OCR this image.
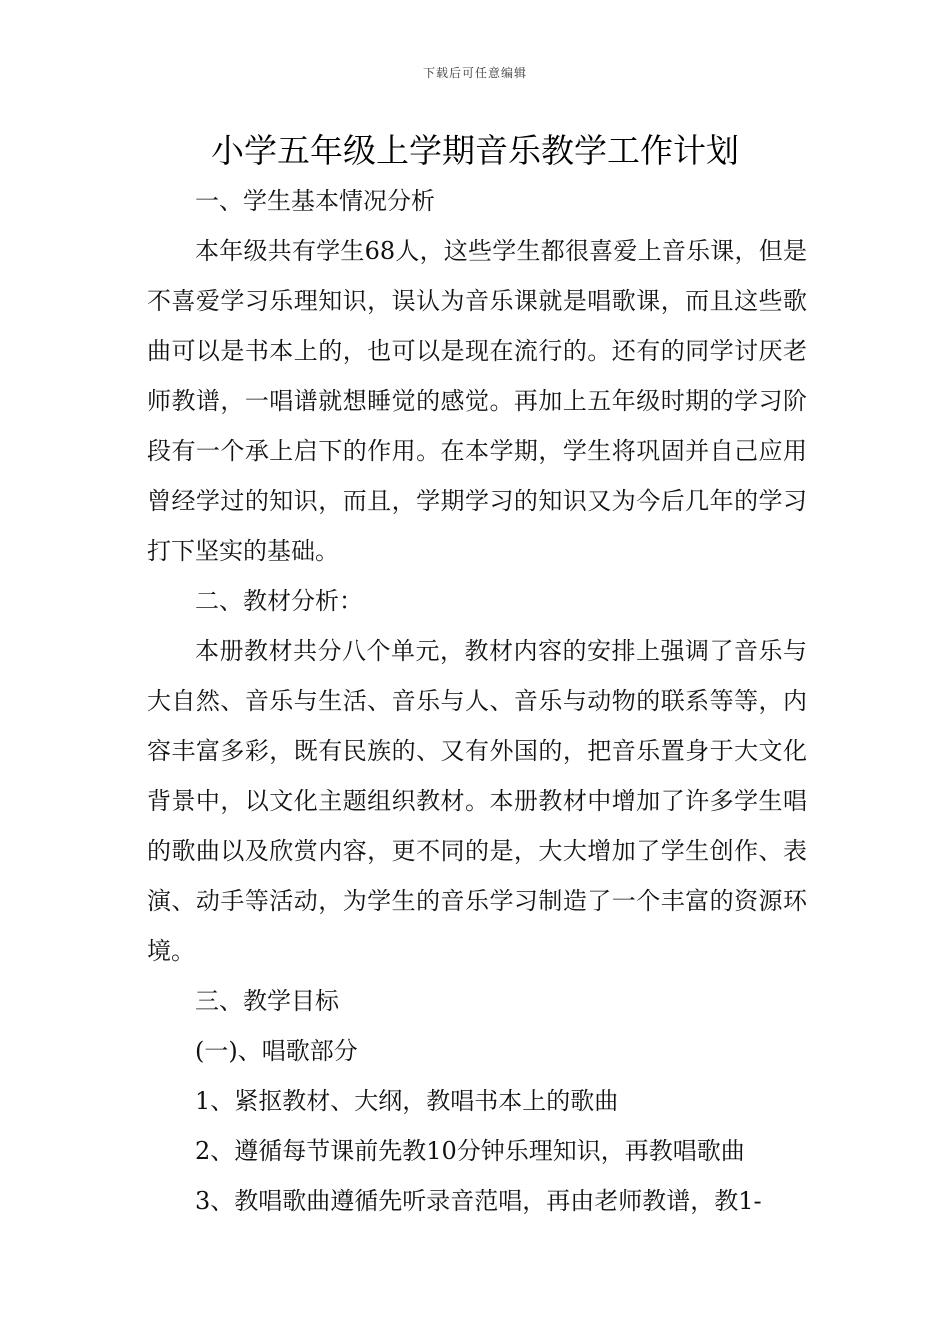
下载后可任意编辑
小学五年级上学期音乐教学工作计划

一、学生基本情况分析

本年级共有学生68人，这些学生都很喜爱上音乐课，但是不喜爱学习乐理知识，误认为音乐课就是唱歌课，而且这些歌曲可以是书本上的，也可以是现在流行的。还有的同学讨厌老师教谱，一唱谱就想睡觉的感觉。再加上五年级时期的学习阶段有一个承上启下的作用。在本学期，学生将巩固并自己应用曾经学过的知识，而且，学期学习的知识又为今后几年的学习打下坚实的基础。

二、教材分析：

本册教材共分八个单元，教材内容的安排上强调了音乐与大自然、音乐与生活、音乐与人、音乐与动物的联系等等，内容丰富多彩，既有民族的、又有外国的，把音乐置身于大文化背景中，以文化主题组织教材。本册教材中增加了许多学生唱的歌曲以及欣赏内容，更不同的是，大大增加了学生创作、表演、动手等活动，为学生的音乐学习制造了一个丰富的资源环境。

三、教学目标

(一)、唱歌部分

1、紧抠教材、大纲，教唱书本上的歌曲

2、遵循每节课前先教10分钟乐理知识，再教唱歌曲

3、教唱歌曲遵循先听录音范唱，再由老师教谱，教1-
